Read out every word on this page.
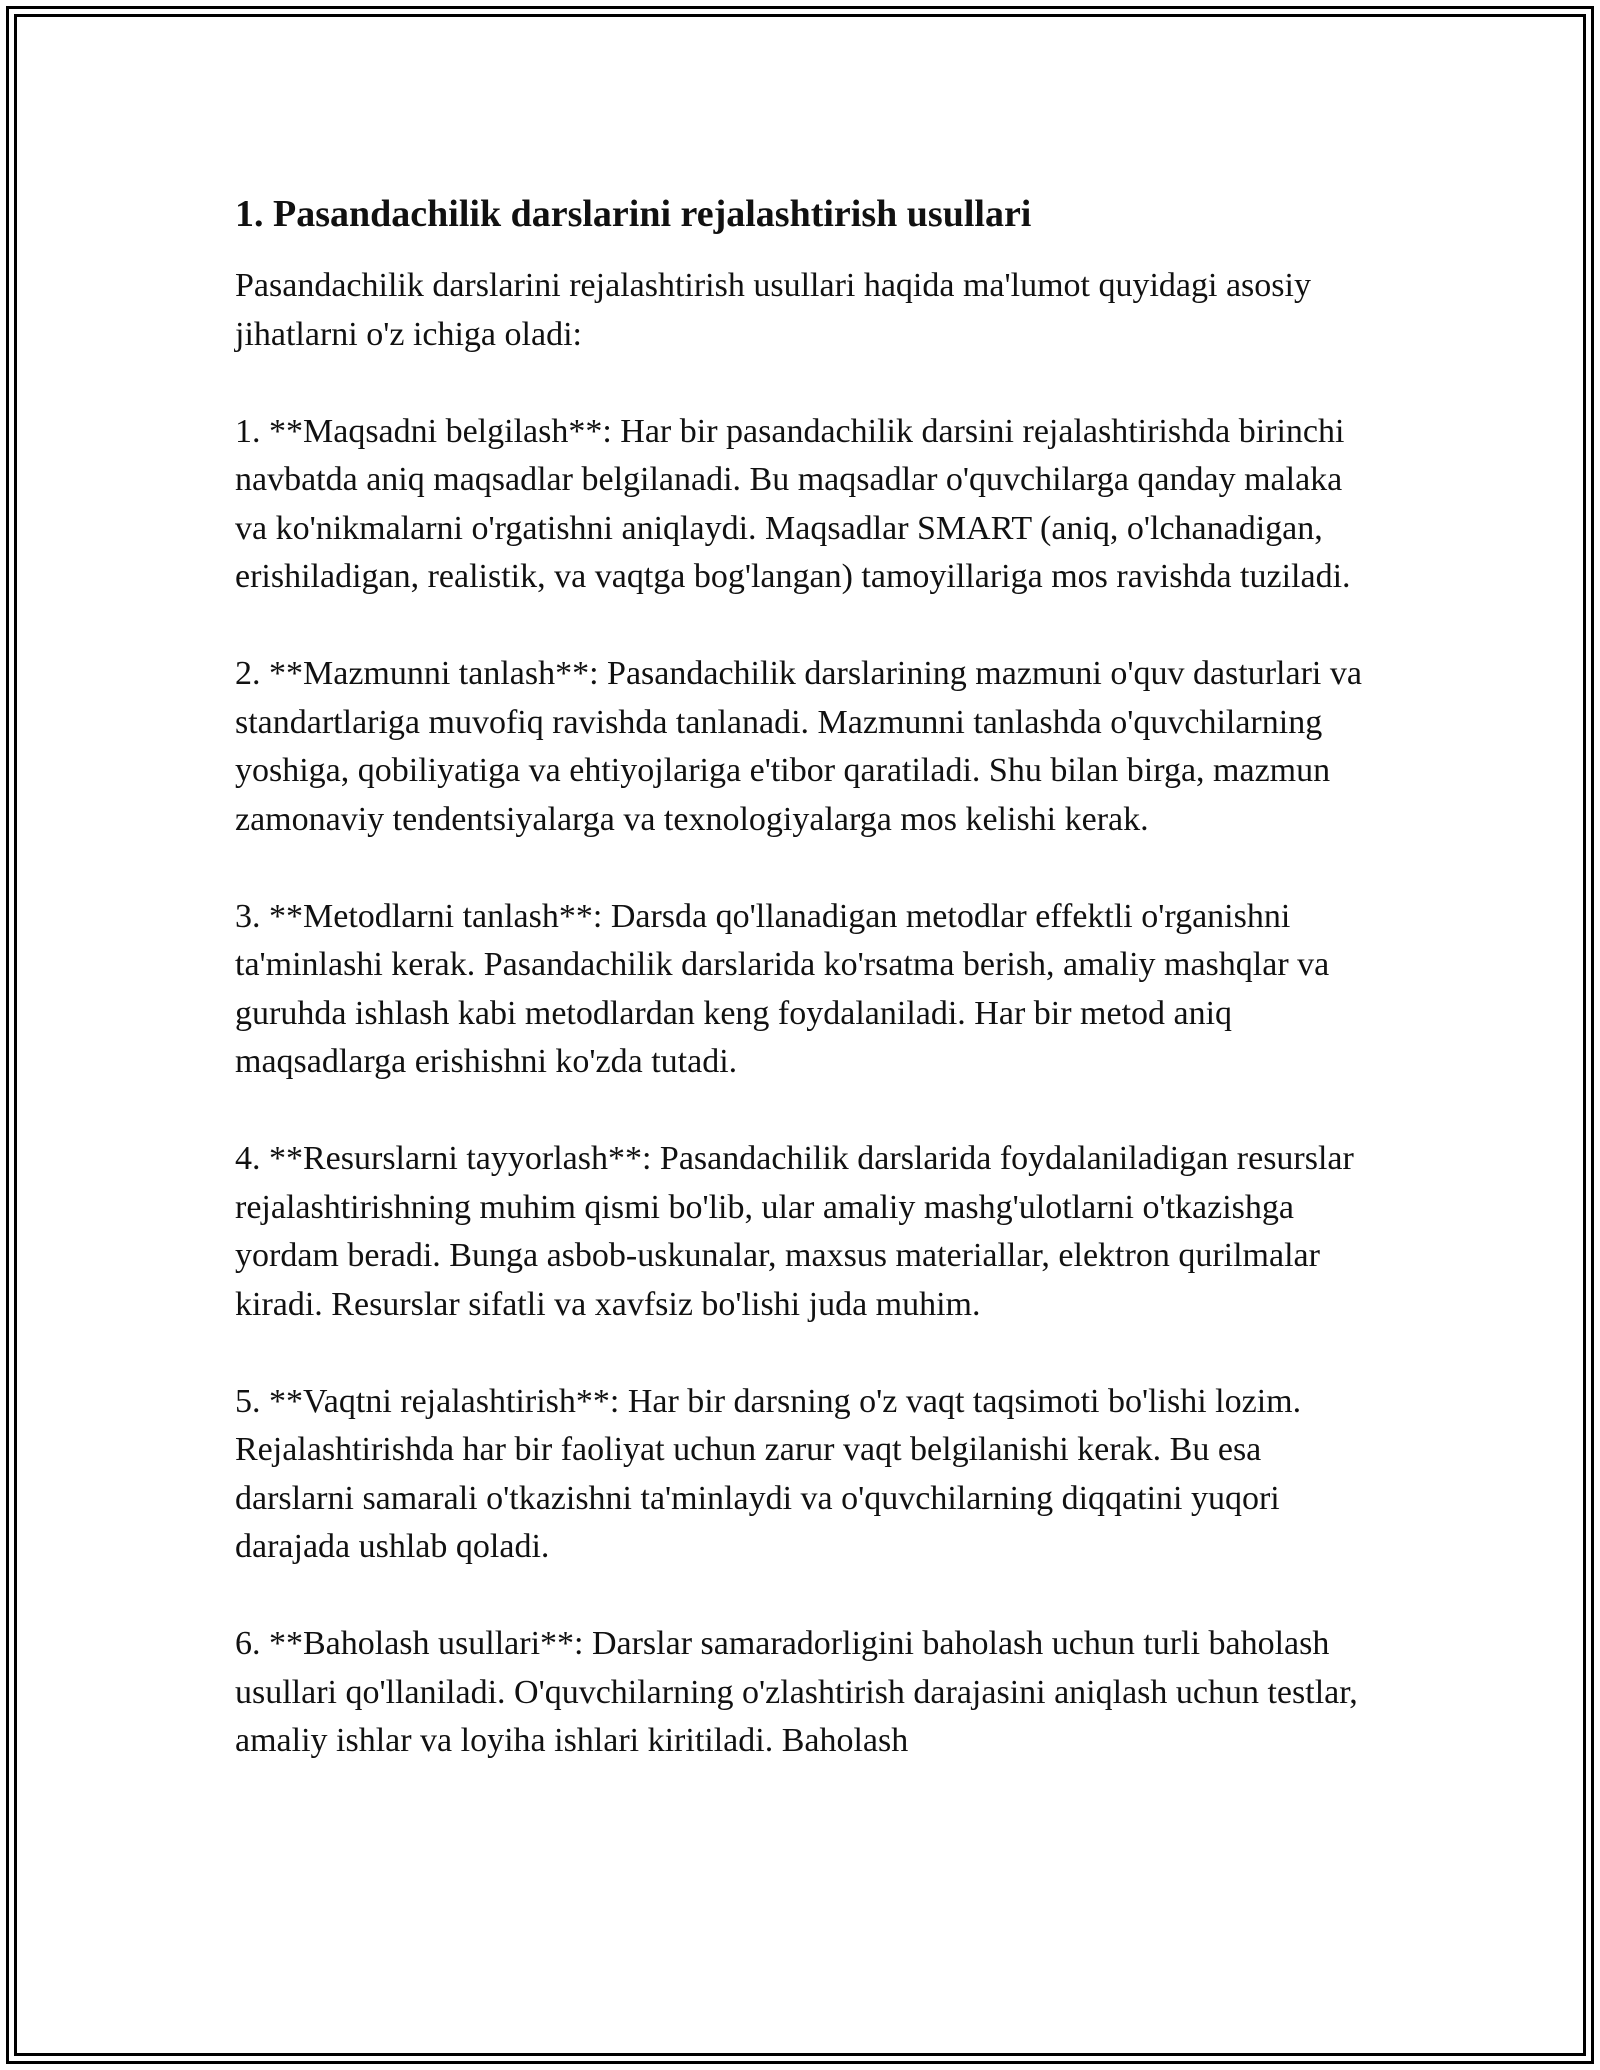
1. Pasandachilik darslarini rejalashtirish usullari

Pasandachilik darslarini rejalashtirish usullari haqida ma'lumot quyidagi asosiy jihatlarni o'z ichiga oladi:

1. **Maqsadni belgilash**: Har bir pasandachilik darsini rejalashtirishda birinchi navbatda aniq maqsadlar belgilanadi. Bu maqsadlar o'quvchilarga qanday malaka va ko'nikmalarni o'rgatishni aniqlaydi. Maqsadlar SMART (aniq, o'lchanadigan, erishiladigan, realistik, va vaqtga bog'langan) tamoyillariga mos ravishda tuziladi.

2. **Mazmunni tanlash**: Pasandachilik darslarining mazmuni o'quv dasturlari va standartlariga muvofiq ravishda tanlanadi. Mazmunni tanlashda o'quvchilarning yoshiga, qobiliyatiga va ehtiyojlariga e'tibor qaratiladi. Shu bilan birga, mazmun zamonaviy tendentsiyalarga va texnologiyalarga mos kelishi kerak.

3. **Metodlarni tanlash**: Darsda qo'llanadigan metodlar effektli o'rganishni ta'minlashi kerak. Pasandachilik darslarida ko'rsatma berish, amaliy mashqlar va guruhda ishlash kabi metodlardan keng foydalaniladi. Har bir metod aniq maqsadlarga erishishni ko'zda tutadi.

4. **Resurslarni tayyorlash**: Pasandachilik darslarida foydalaniladigan resurslar rejalashtirishning muhim qismi bo'lib, ular amaliy mashg'ulotlarni o'tkazishga yordam beradi. Bunga asbob-uskunalar, maxsus materiallar, elektron qurilmalar kiradi. Resurslar sifatli va xavfsiz bo'lishi juda muhim.

5. **Vaqtni rejalashtirish**: Har bir darsning o'z vaqt taqsimoti bo'lishi lozim. Rejalashtirishda har bir faoliyat uchun zarur vaqt belgilanishi kerak. Bu esa darslarni samarali o'tkazishni ta'minlaydi va o'quvchilarning diqqatini yuqori darajada ushlab qoladi.

6. **Baholash usullari**: Darslar samaradorligini baholash uchun turli baholash usullari qo'llaniladi. O'quvchilarning o'zlashtirish darajasini aniqlash uchun testlar, amaliy ishlar va loyiha ishlari kiritiladi. Baholash
